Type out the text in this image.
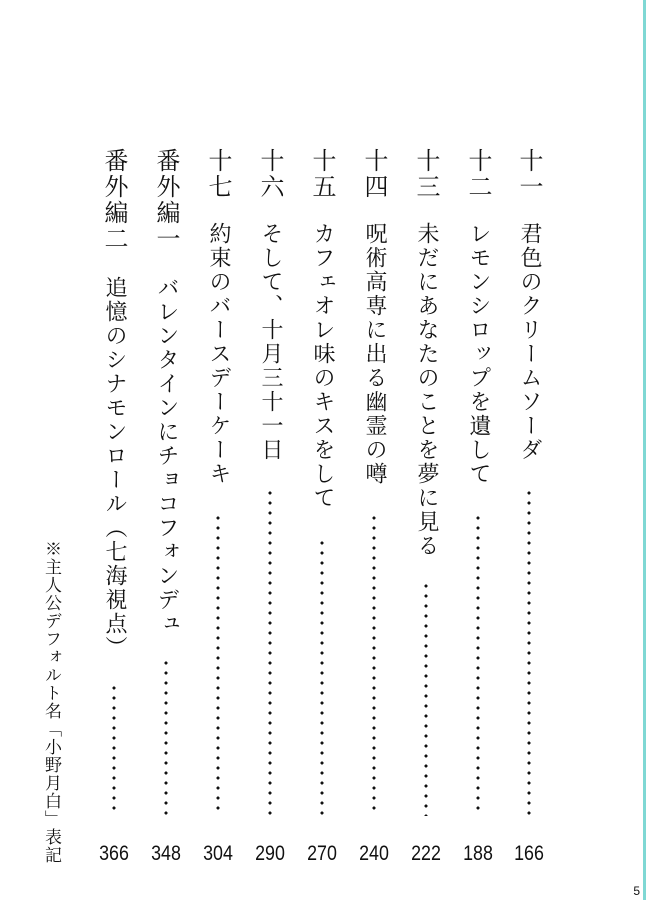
十一
君色のクリームソーダ
166
十二
レモンシロップを遺して
188
十三
未だにあなたのことを夢に見る
222
十四
呪術高専に出る幽霊の噂
240
十五
カフェオレ味のキスをして
270
十六
そして、十月三十一日
290
十七
約束のバースデーケーキ
304
番外編一
バレンタインにチョコフォンデュ
348
番外編二
追憶のシナモンロール（七海視点）
366
※主人公デフォルト名「小野月白」表記
5
